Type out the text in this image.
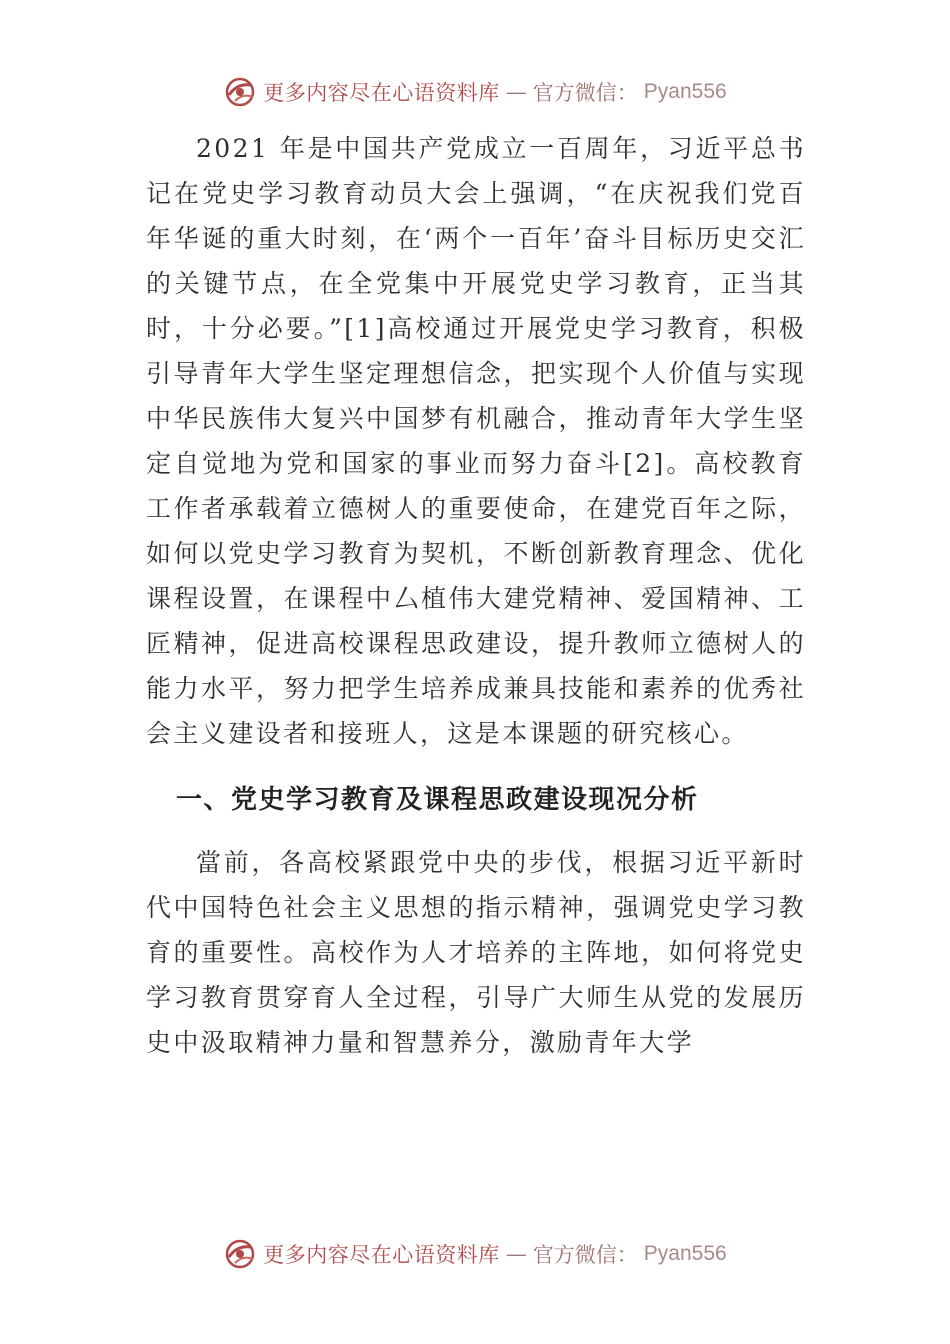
更多内容尽在心语资料库 — 官方微信： Pyan556

2021 年是中国共产党成立一百周年，习近平总书记在党史学习教育动员大会上强调，“在庆祝我们党百年华诞的重大时刻，在‘两个一百年’奋斗目标历史交汇的关键节点，在全党集中开展党史学习教育，正当其时，十分必要。”[1]高校通过开展党史学习教育，积极引导青年大学生坚定理想信念，把实现个人价值与实现中华民族伟大复兴中国梦有机融合，推动青年大学生坚定自觉地为党和国家的事业而努力奋斗[2]。高校教育工作者承载着立德树人的重要使命，在建党百年之际，如何以党史学习教育为契机，不断创新教育理念、优化课程设置，在课程中厶植伟大建党精神、爱国精神、工匠精神，促进高校课程思政建设，提升教师立德树人的能力水平，努力把学生培养成兼具技能和素养的优秀社会主义建设者和接班人，这是本课题的研究核心。

一、党史学习教育及课程思政建设现况分析

當前，各高校紧跟党中央的步伐，根据习近平新时代中国特色社会主义思想的指示精神，强调党史学习教育的重要性。高校作为人才培养的主阵地，如何将党史学习教育贯穿育人全过程，引导广大师生从党的发展历史中汲取精神力量和智慧养分，激励青年大学

更多内容尽在心语资料库 — 官方微信： Pyan556
